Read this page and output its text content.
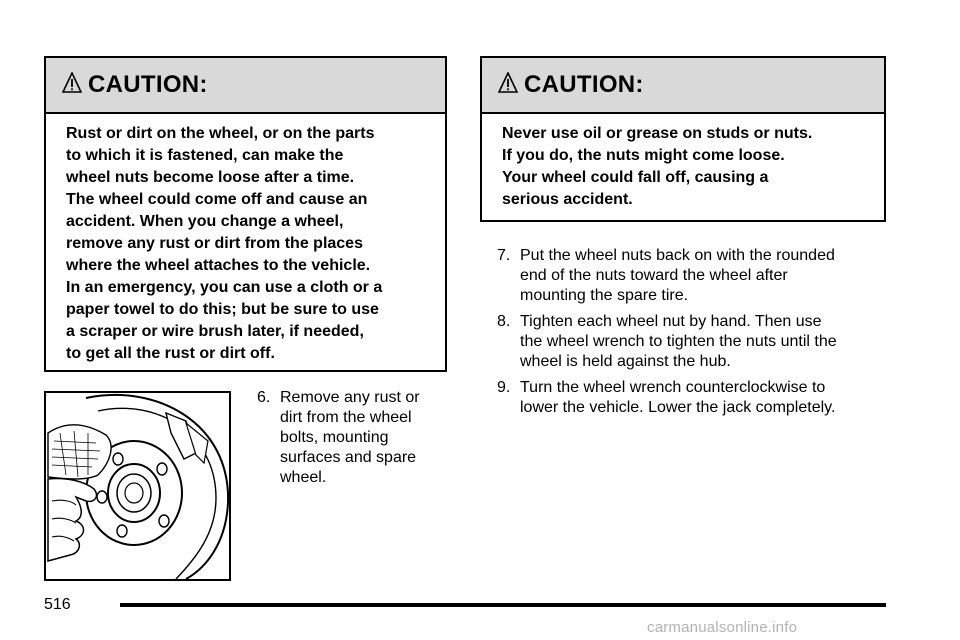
CAUTION:
Rust or dirt on the wheel, or on the parts
to which it is fastened, can make the
wheel nuts become loose after a time.
The wheel could come off and cause an
accident. When you change a wheel,
remove any rust or dirt from the places
where the wheel attaches to the vehicle.
In an emergency, you can use a cloth or a
paper towel to do this; but be sure to use
a scraper or wire brush later, if needed,
to get all the rust or dirt off.
CAUTION:
Never use oil or grease on studs or nuts.
If you do, the nuts might come loose.
Your wheel could fall off, causing a
serious accident.
6. Remove any rust or
dirt from the wheel
bolts, mounting
surfaces and spare
wheel.
7. Put the wheel nuts back on with the rounded
end of the nuts toward the wheel after
mounting the spare tire.
8. Tighten each wheel nut by hand. Then use
the wheel wrench to tighten the nuts until the
wheel is held against the hub.
9. Turn the wheel wrench counterclockwise to
lower the vehicle. Lower the jack completely.
516
carmanualsonline.info
